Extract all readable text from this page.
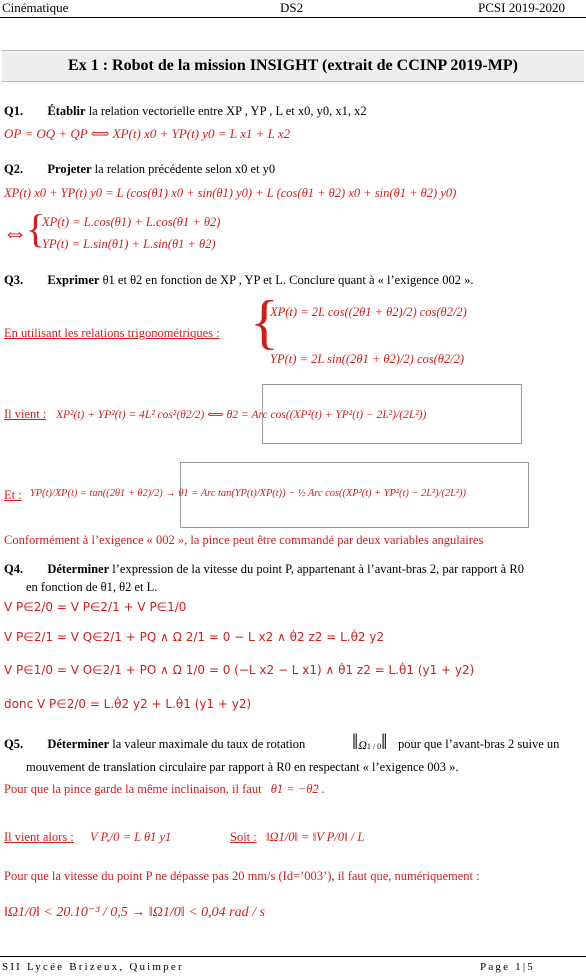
Cinématique	DS2	PCSI 2019-2020
Ex 1 : Robot de la mission INSIGHT (extrait de CCINP 2019-MP)
Q1. Établir la relation vectorielle entre XP , YP , L et x0, y0, x1, x2
OP = OQ + QP ⟺ XP(t) x0 + YP(t) y0 = L x1 + L x2
Q2. Projeter la relation précédente selon x0 et y0
XP(t) x0 + YP(t) y0 = L (cos(θ1) x0 + sin(θ1) y0) + L (cos(θ1 + θ2) x0 + sin(θ1 + θ2) y0)
⇔
{
XP(t) = L.cos(θ1) + L.cos(θ1 + θ2)
YP(t) = L.sin(θ1) + L.sin(θ1 + θ2)
Q3. Exprimer θ1 et θ2 en fonction de XP , YP et L. Conclure quant à « l’exigence 002 ».
{
XP(t) = 2L cos((2θ1 + θ2)/2) cos(θ2/2)
En utilisant les relations trigonométriques :
YP(t) = 2L sin((2θ1 + θ2)/2) cos(θ2/2)
Il vient : XP²(t) + YP²(t) = 4L² cos²(θ2/2) ⟺ θ2 = Arc cos((XP²(t) + YP²(t) − 2L²)/(2L²))
Et : YP(t)/XP(t) = tan((2θ1 + θ2)/2) → θ1 = Arc tan(YP(t)/XP(t)) − ½ Arc cos((XP²(t) + YP²(t) − 2L²)/(2L²))
Conformément à l’exigence « 002 », la pince peut être commandé par deux variables angulaires
Q4. Déterminer l’expression de la vitesse du point P, appartenant à l’avant-bras 2, par rapport à R0
en fonction de θ1, θ2 et L.
V P∈2/0 = V P∈2/1 + V P∈1/0
V P∈2/1 = V Q∈2/1 + PQ ∧ Ω 2/1 = 0 − L x2 ∧ θ̇2 z2 = L.θ̇2 y2
V P∈1/0 = V O∈2/1 + PO ∧ Ω 1/0 = 0 (−L x2 − L x1) ∧ θ̇1 z2 = L.θ̇1 (y1 + y2)
donc V P∈2/0 = L.θ̇2 y2 + L.θ̇1 (y1 + y2)
Q5. Déterminer la valeur maximale du taux de rotation ‖Ω1 / 0‖ pour que l’avant-bras 2 suive un
mouvement de translation circulaire par rapport à R0 en respectant « l’exigence 003 ».
Pour que la pince garde la même inclinaison, il faut θ̇1 = −θ̇2 .
Il vient alors : V P,/0 = L θ̇1 y1	Soit : ‖Ω1/0‖ = ‖V P/0‖ / L
Pour que la vitesse du point P ne dépasse pas 20 mm/s (Id=’003’), il faut que, numériquement :
‖Ω1/0‖ < 20.10⁻³ / 0,5 → ‖Ω1/0‖ < 0,04 rad / s
SII Lycée Brizeux, Quimper	Page 1|5
